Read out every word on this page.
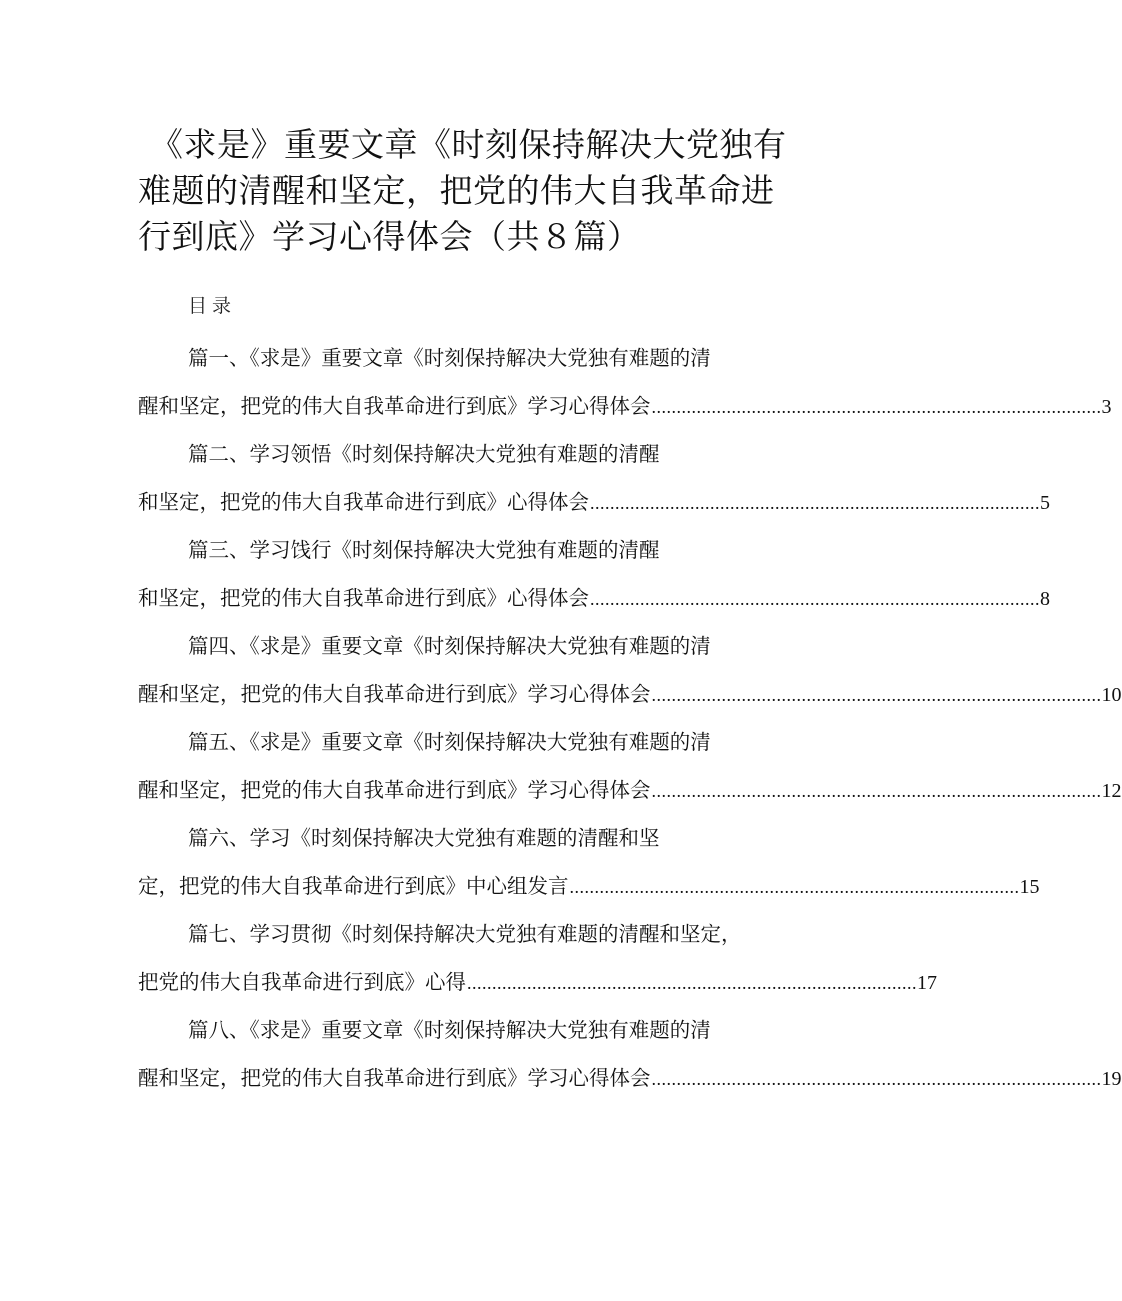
《求是》重要文章《时刻保持解决大党独有难题的清醒和坚定，把党的伟大自我革命进行到底》学习心得体会（共８篇）
目录
篇一、《求是》重要文章《时刻保持解决大党独有难题的清
醒和坚定，把党的伟大自我革命进行到底》学习心得体会 .......................................................................................... 3
篇二、学习领悟《时刻保持解决大党独有难题的清醒
和坚定，把党的伟大自我革命进行到底》心得体会 .......................................................................................... 5
篇三、学习饯行《时刻保持解决大党独有难题的清醒
和坚定，把党的伟大自我革命进行到底》心得体会 .......................................................................................... 8
篇四、《求是》重要文章《时刻保持解决大党独有难题的清
醒和坚定，把党的伟大自我革命进行到底》学习心得体会 .......................................................................................... 10
篇五、《求是》重要文章《时刻保持解决大党独有难题的清
醒和坚定，把党的伟大自我革命进行到底》学习心得体会 .......................................................................................... 12
篇六、学习《时刻保持解决大党独有难题的清醒和坚
定，把党的伟大自我革命进行到底》中心组发言 .......................................................................................... 15
篇七、学习贯彻《时刻保持解决大党独有难题的清醒和坚定，
把党的伟大自我革命进行到底》心得 .......................................................................................... 17
篇八、《求是》重要文章《时刻保持解决大党独有难题的清
醒和坚定，把党的伟大自我革命进行到底》学习心得体会 .......................................................................................... 19
